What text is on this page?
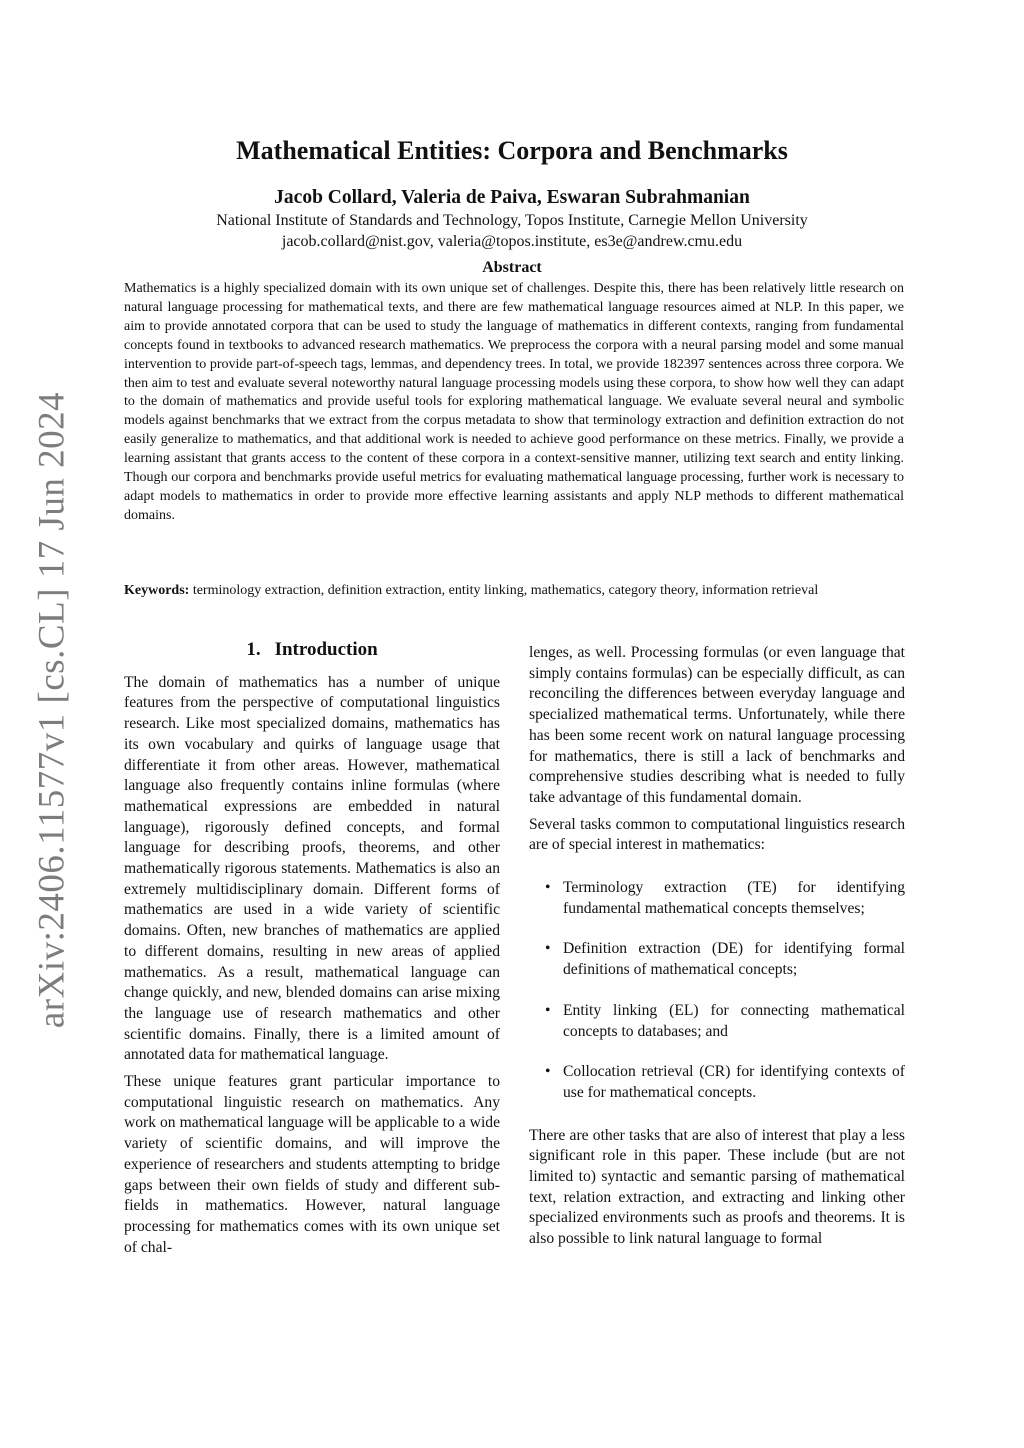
arXiv:2406.11577v1 [cs.CL] 17 Jun 2024
Mathematical Entities: Corpora and Benchmarks
Jacob Collard, Valeria de Paiva, Eswaran Subrahmanian
National Institute of Standards and Technology, Topos Institute, Carnegie Mellon University
jacob.collard@nist.gov, valeria@topos.institute, es3e@andrew.cmu.edu
Abstract

Mathematics is a highly specialized domain with its own unique set of challenges. Despite this, there has been relatively little research on natural language processing for mathematical texts, and there are few mathematical language resources aimed at NLP. In this paper, we aim to provide annotated corpora that can be used to study the language of mathematics in different contexts, ranging from fundamental concepts found in textbooks to advanced research mathematics. We preprocess the corpora with a neural parsing model and some manual intervention to provide part-of-speech tags, lemmas, and dependency trees. In total, we provide 182397 sentences across three corpora. We then aim to test and evaluate several noteworthy natural language processing models using these corpora, to show how well they can adapt to the domain of mathematics and provide useful tools for exploring mathematical language. We evaluate several neural and symbolic models against benchmarks that we extract from the corpus metadata to show that terminology extraction and definition extraction do not easily generalize to mathematics, and that additional work is needed to achieve good performance on these metrics. Finally, we provide a learning assistant that grants access to the content of these corpora in a context-sensitive manner, utilizing text search and entity linking. Though our corpora and benchmarks provide useful metrics for evaluating mathematical language processing, further work is necessary to adapt models to mathematics in order to provide more effective learning assistants and apply NLP methods to different mathematical domains.

Keywords: terminology extraction, definition extraction, entity linking, mathematics, category theory, information retrieval

1. Introduction

The domain of mathematics has a number of unique features from the perspective of computational linguistics research. Like most specialized domains, mathematics has its own vocabulary and quirks of language usage that differentiate it from other areas. However, mathematical language also frequently contains inline formulas (where mathematical expressions are embedded in natural language), rigorously defined concepts, and formal language for describing proofs, theorems, and other mathematically rigorous statements. Mathematics is also an extremely multidisciplinary domain. Different forms of mathematics are used in a wide variety of scientific domains. Often, new branches of mathematics are applied to different domains, resulting in new areas of applied mathematics. As a result, mathematical language can change quickly, and new, blended domains can arise mixing the language use of research mathematics and other scientific domains. Finally, there is a limited amount of annotated data for mathematical language.

These unique features grant particular importance to computational linguistic research on mathematics. Any work on mathematical language will be applicable to a wide variety of scientific domains, and will improve the experience of researchers and students attempting to bridge gaps between their own fields of study and different sub-fields in mathematics. However, natural language processing for mathematics comes with its own unique set of chal-

lenges, as well. Processing formulas (or even language that simply contains formulas) can be especially difficult, as can reconciling the differences between everyday language and specialized mathematical terms. Unfortunately, while there has been some recent work on natural language processing for mathematics, there is still a lack of benchmarks and comprehensive studies describing what is needed to fully take advantage of this fundamental domain.

Several tasks common to computational linguistics research are of special interest in mathematics:

• Terminology extraction (TE) for identifying fundamental mathematical concepts themselves;
• Definition extraction (DE) for identifying formal definitions of mathematical concepts;
• Entity linking (EL) for connecting mathematical concepts to databases; and
• Collocation retrieval (CR) for identifying contexts of use for mathematical concepts.

There are other tasks that are also of interest that play a less significant role in this paper. These include (but are not limited to) syntactic and semantic parsing of mathematical text, relation extraction, and extracting and linking other specialized environments such as proofs and theorems. It is also possible to link natural language to formal
